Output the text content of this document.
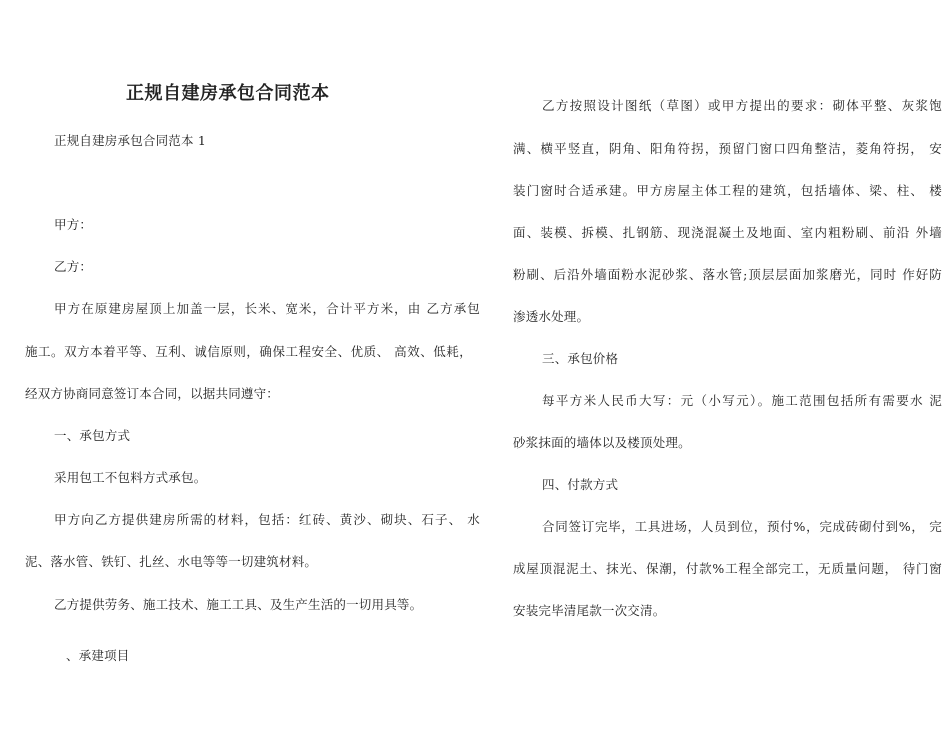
正规自建房承包合同范本
正规自建房承包合同范本 1
甲方：
乙方：
甲方在原建房屋顶上加盖一层，长米、宽米，合计平方米，由 乙方承包
施工。双方本着平等、互利、诚信原则，确保工程安全、优质、 高效、低耗，
经双方协商同意签订本合同，以据共同遵守：
一、承包方式
采用包工不包料方式承包。
甲方向乙方提供建房所需的材料，包括：红砖、黄沙、砌块、石子、 水
泥、落水管、铁钉、扎丝、水电等等一切建筑材料。
乙方提供劳务、施工技术、施工工具、及生产生活的一切用具等。
、承建项目
乙方按照设计图纸（草图）或甲方提出的要求：砌体平整、灰浆饱
满、横平竖直，阴角、阳角符拐，预留门窗口四角整洁，菱角符拐， 安
装门窗时合适承建。甲方房屋主体工程的建筑，包括墙体、梁、柱、 楼
面、装模、拆模、扎钢筋、现浇混凝土及地面、室内粗粉刷、前沿 外墙
粉刷、后沿外墙面粉水泥砂浆、落水管;顶层层面加浆磨光，同时 作好防
渗透水处理。
三、承包价格
每平方米人民币大写：元（小写元）。施工范围包括所有需要水 泥
砂浆抹面的墙体以及楼顶处理。
四、付款方式
合同签订完毕，工具进场，人员到位，预付%，完成砖砌付到%， 完
成屋顶混泥土、抹光、保潮，付款%工程全部完工，无质量问题， 待门窗
安装完毕清尾款一次交清。
